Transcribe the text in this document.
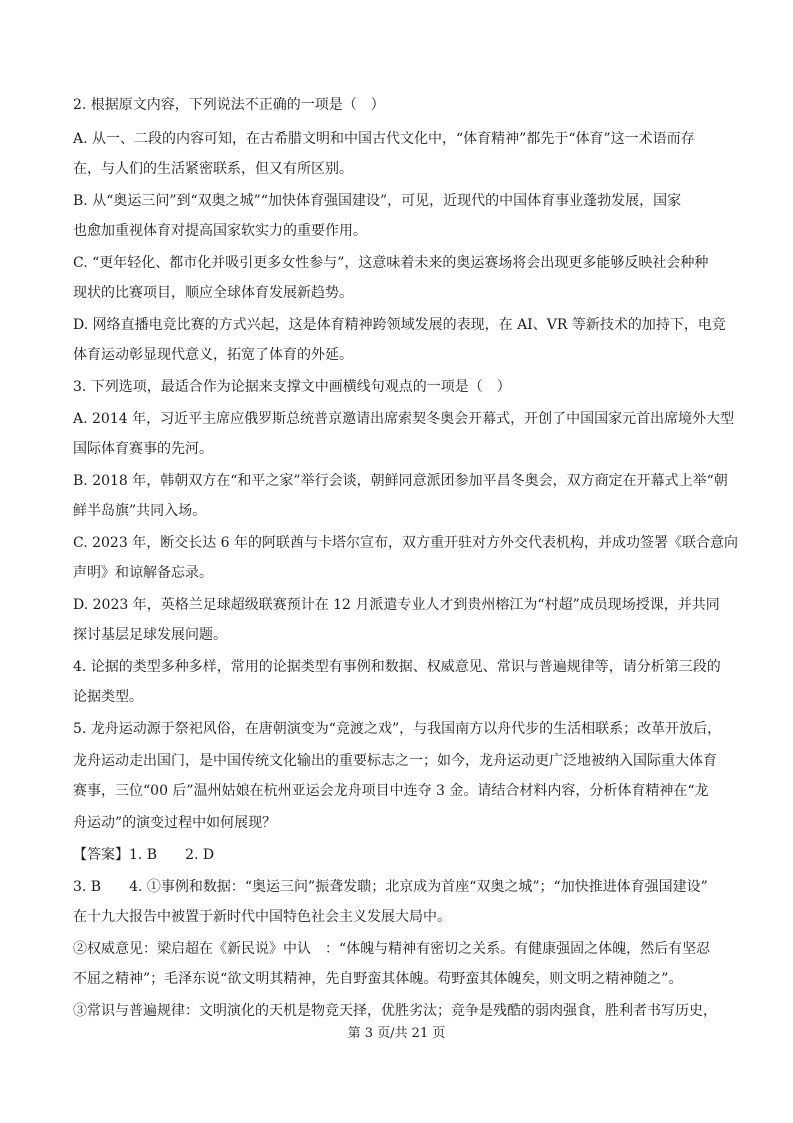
2. 根据原文内容，下列说法不正确的一项是（　）
A. 从一、二段的内容可知，在古希腊文明和中国古代文化中，“体育精神”都先于“体育”这一术语而存
在，与人们的生活紧密联系，但又有所区别。
B. 从“奥运三问”到“双奥之城”“加快体育强国建设”，可见，近现代的中国体育事业蓬勃发展，国家
也愈加重视体育对提高国家软实力的重要作用。
C. “更年轻化、都市化并吸引更多女性参与”，这意味着未来的奥运赛场将会出现更多能够反映社会种种
现状的比赛项目，顺应全球体育发展新趋势。
D. 网络直播电竞比赛的方式兴起，这是体育精神跨领域发展的表现，在 AI、VR 等新技术的加持下，电竞
体育运动彰显现代意义，拓宽了体育的外延。
3. 下列选项，最适合作为论据来支撑文中画横线句观点的一项是（　）
A. 2014 年，习近平主席应俄罗斯总统普京邀请出席索契冬奥会开幕式，开创了中国国家元首出席境外大型
国际体育赛事的先河。
B. 2018 年，韩朝双方在“和平之家”举行会谈，朝鲜同意派团参加平昌冬奥会，双方商定在开幕式上举“朝
鲜半岛旗”共同入场。
C. 2023 年，断交长达 6 年的阿联酋与卡塔尔宣布，双方重开驻对方外交代表机构，并成功签署《联合意向
声明》和谅解备忘录。
D. 2023 年，英格兰足球超级联赛预计在 12 月派遣专业人才到贵州榕江为“村超”成员现场授课，并共同
探讨基层足球发展问题。
4. 论据的类型多种多样，常用的论据类型有事例和数据、权威意见、常识与普遍规律等，请分析第三段的
论据类型。
5. 龙舟运动源于祭祀风俗，在唐朝演变为“竞渡之戏”，与我国南方以舟代步的生活相联系；改革开放后，
龙舟运动走出国门，是中国传统文化输出的重要标志之一；如今，龙舟运动更广泛地被纳入国际重大体育
赛事，三位“00 后”温州姑娘在杭州亚运会龙舟项目中连夺 3 金。请结合材料内容，分析体育精神在“龙
舟运动”的演变过程中如何展现？
【答案】1. B　　2. D
3. B　　4. ①事例和数据：“奥运三问”振聋发聩；北京成为首座“双奥之城”；“加快推进体育强国建设”
在十九大报告中被置于新时代中国特色社会主义发展大局中。
②权威意见：梁启超在《新民说》中认　：“体魄与精神有密切之关系。有健康强固之体魄，然后有坚忍
不屈之精神”；毛泽东说“欲文明其精神，先自野蛮其体魄。苟野蛮其体魄矣，则文明之精神随之”。
③常识与普遍规律：文明演化的天机是物竞天择，优胜劣汰；竞争是残酷的弱肉强食，胜利者书写历史，
第 3 页/共 21 页
